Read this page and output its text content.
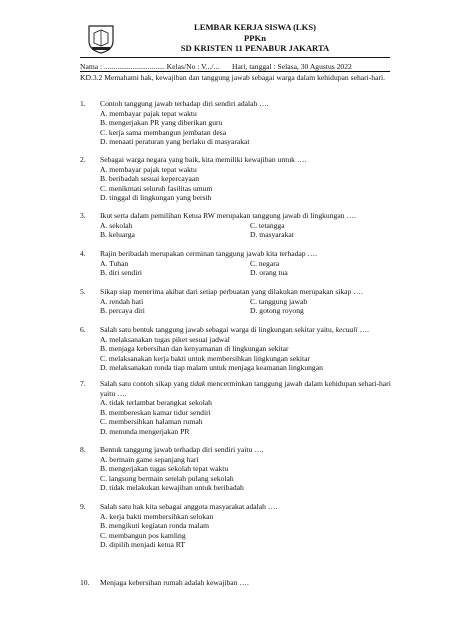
LEMBAR KERJA SISWA (LKS)
PPKn
SD KRISTEN 11 PENABUR JAKARTA
Nama : ................................ Kelas/No : V.../... Hari, tanggal : Selasa, 30 Agustus 2022
KD.3.2 Memahami hak, kewajiban dan tanggung jawab sebagai warga dalam kehidupan sehari-hari.
1.	Contoh tanggung jawab terhadap diri sendiri adalah ….
A. membayar pajak tepat waktu
B. mengerjakan PR yang diberikan guru
C. kerja sama membangun jembatan desa
D. menaati peraturan yang berlaku di masyarakat
2.	Sebagai warga negara yang baik, kita memiliki kewajiban untuk ….
A. membayar pajak tepat waktu
B. beribadah sesuai kepercayaan
C. menikmati seluruh fasilitas umum
D. tinggal di lingkungan yang bersih
3.	Ikut serta dalam pemilihan Ketua RW merupakan tanggung jawab di lingkungan ….
A. sekolah	C. tetangga
B. keluarga	D. masyarakat
4.	Rajin beribadah merupakan cerminan tanggung jawab kita terhadap ….
A. Tuhan	C. negara
B. diri sendiri	D. orang tua
5.	Sikap siap menerima akibat dari setiap perbuatan yang dilakukan merupakan sikap ….
A. rendah hati	C. tanggung jawab
B. percaya diri	D. gotong royong
6.	Salah satu bentuk tanggung jawab sebagai warga di lingkungan sekitar yaitu, kecuali ….
A. melaksanakan tugas piket sesuai jadwal
B. menjaga kebersihan dan kenyamanan di lingkungan sekitar
C. melaksanakan kerja bakti untuk membersihkan lingkungan sekitar
D. melaksanakan ronda tiap malam untuk menjaga keamanan lingkungan
7.	Salah satu contoh sikap yang tidak mencerminkan tanggung jawab dalam kehidupan sehari-hari yaitu ….
A. tidak terlambat berangkat sekolah
B. membereskan kamar tidur sendiri
C. membersihkan halaman rumah
D. menunda mengerjakan PR
8.	Bentuk tanggung jawab terhadap diri sendiri yaitu ….
A. bermain game sepanjang hari
B. mengerjakan tugas sekolah tepat waktu
C. langsung bermain setelah pulang sekolah
D. tidak melakukan kewajiban untuk beribadah
9.	Salah satu hak kita sebagai anggota masyarakat adalah ….
A. kerja bakti membersihkan selokan
B. mengikuti kegiatan ronda malam
C. membangun pos kamling
D. dipilih menjadi ketua RT
10.	Menjaga kebersihan rumah adalah kewajiban ….
